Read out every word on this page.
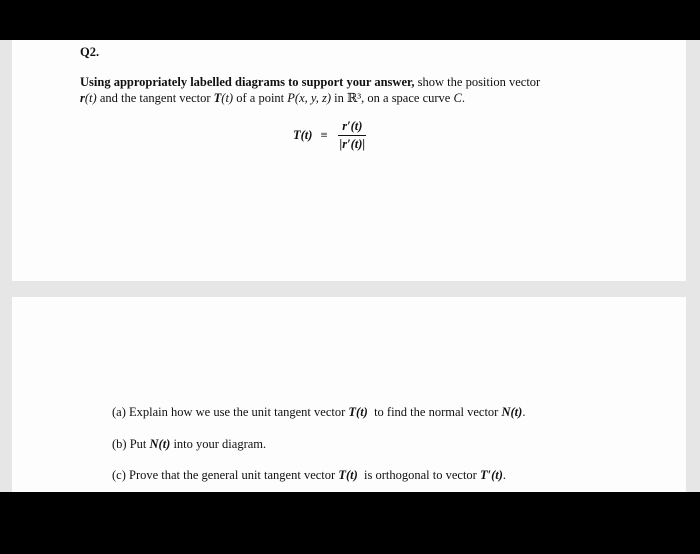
Q2.
Using appropriately labelled diagrams to support your answer, show the position vector
r(t) and the tangent vector T(t) of a point P(x, y, z) in ℝ³, on a space curve C.
$T(t) \equiv \frac{r'(t)}{|r'(t)|}$
(a) Explain how we use the unit tangent vector T(t)  to find the normal vector N(t).
(b) Put N(t) into your diagram.
(c) Prove that the general unit tangent vector T(t)  is orthogonal to vector T′(t).
